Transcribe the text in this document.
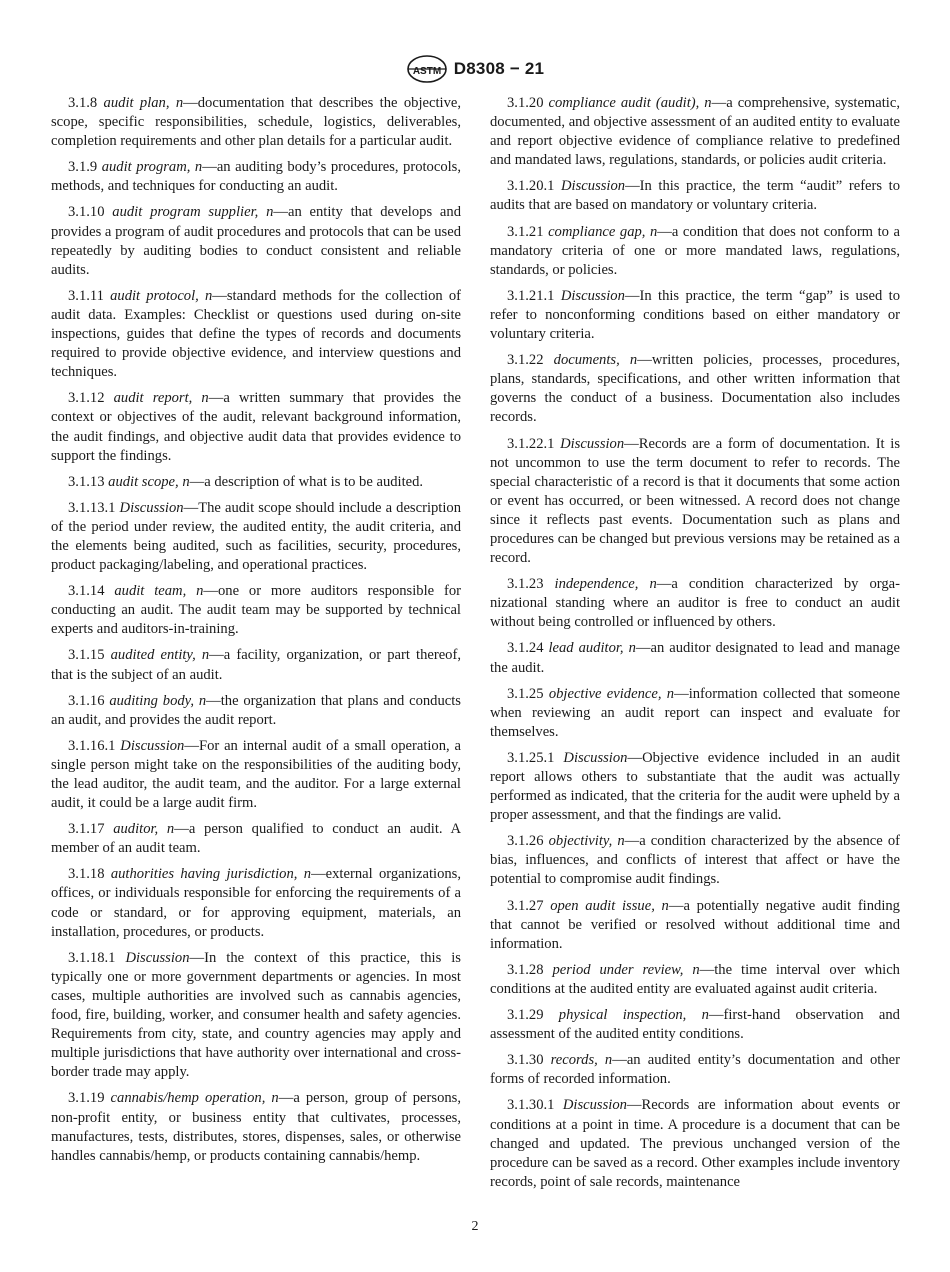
ASTM D8308 − 21

3.1.8 audit plan, n—documentation that describes the objective, scope, specific responsibilities, schedule, logistics, deliverables, completion requirements and other plan details for a particular audit.

3.1.9 audit program, n—an auditing body’s procedures, protocols, methods, and techniques for conducting an audit.

3.1.10 audit program supplier, n—an entity that develops and provides a program of audit procedures and protocols that can be used repeatedly by auditing bodies to conduct consistent and reliable audits.

3.1.11 audit protocol, n—standard methods for the collection of audit data. Examples: Checklist or questions used during on-site inspections, guides that define the types of records and documents required to provide objective evidence, and interview questions and techniques.

3.1.12 audit report, n—a written summary that provides the context or objectives of the audit, relevant background information, the audit findings, and objective audit data that provides evidence to support the findings.

3.1.13 audit scope, n—a description of what is to be audited.

3.1.13.1 Discussion—The audit scope should include a description of the period under review, the audited entity, the audit criteria, and the elements being audited, such as facilities, security, procedures, product packaging/labeling, and operational practices.

3.1.14 audit team, n—one or more auditors responsible for conducting an audit. The audit team may be supported by technical experts and auditors-in-training.

3.1.15 audited entity, n—a facility, organization, or part thereof, that is the subject of an audit.

3.1.16 auditing body, n—the organization that plans and conducts an audit, and provides the audit report.

3.1.16.1 Discussion—For an internal audit of a small operation, a single person might take on the responsibilities of the auditing body, the lead auditor, the audit team, and the auditor. For a large external audit, it could be a large audit firm.

3.1.17 auditor, n—a person qualified to conduct an audit. A member of an audit team.

3.1.18 authorities having jurisdiction, n—external organizations, offices, or individuals responsible for enforcing the requirements of a code or standard, or for approving equipment, materials, an installation, procedures, or products.

3.1.18.1 Discussion—In the context of this practice, this is typically one or more government departments or agencies. In most cases, multiple authorities are involved such as cannabis agencies, food, fire, building, worker, and consumer health and safety agencies. Requirements from city, state, and country agencies may apply and multiple jurisdictions that have authority over international and cross-border trade may apply.

3.1.19 cannabis/hemp operation, n—a person, group of persons, non-profit entity, or business entity that cultivates, processes, manufactures, tests, distributes, stores, dispenses, sales, or otherwise handles cannabis/hemp, or products containing cannabis/hemp.

3.1.20 compliance audit (audit), n—a comprehensive, systematic, documented, and objective assessment of an audited entity to evaluate and report objective evidence of compliance relative to predefined and mandated laws, regulations, standards, or policies audit criteria.

3.1.20.1 Discussion—In this practice, the term “audit” refers to audits that are based on mandatory or voluntary criteria.

3.1.21 compliance gap, n—a condition that does not conform to a mandatory criteria of one or more mandated laws, regulations, standards, or policies.

3.1.21.1 Discussion—In this practice, the term “gap” is used to refer to nonconforming conditions based on either mandatory or voluntary criteria.

3.1.22 documents, n—written policies, processes, procedures, plans, standards, specifications, and other written information that governs the conduct of a business. Documentation also includes records.

3.1.22.1 Discussion—Records are a form of documentation. It is not uncommon to use the term document to refer to records. The special characteristic of a record is that it documents that some action or event has occurred, or been witnessed. A record does not change since it reflects past events. Documentation such as plans and procedures can be changed but previous versions may be retained as a record.

3.1.23 independence, n—a condition characterized by organizational standing where an auditor is free to conduct an audit without being controlled or influenced by others.

3.1.24 lead auditor, n—an auditor designated to lead and manage the audit.

3.1.25 objective evidence, n—information collected that someone when reviewing an audit report can inspect and evaluate for themselves.

3.1.25.1 Discussion—Objective evidence included in an audit report allows others to substantiate that the audit was actually performed as indicated, that the criteria for the audit were upheld by a proper assessment, and that the findings are valid.

3.1.26 objectivity, n—a condition characterized by the absence of bias, influences, and conflicts of interest that affect or have the potential to compromise audit findings.

3.1.27 open audit issue, n—a potentially negative audit finding that cannot be verified or resolved without additional time and information.

3.1.28 period under review, n—the time interval over which conditions at the audited entity are evaluated against audit criteria.

3.1.29 physical inspection, n—first-hand observation and assessment of the audited entity conditions.

3.1.30 records, n—an audited entity’s documentation and other forms of recorded information.

3.1.30.1 Discussion—Records are information about events or conditions at a point in time. A procedure is a document that can be changed and updated. The previous unchanged version of the procedure can be saved as a record. Other examples include inventory records, point of sale records, maintenance

2
